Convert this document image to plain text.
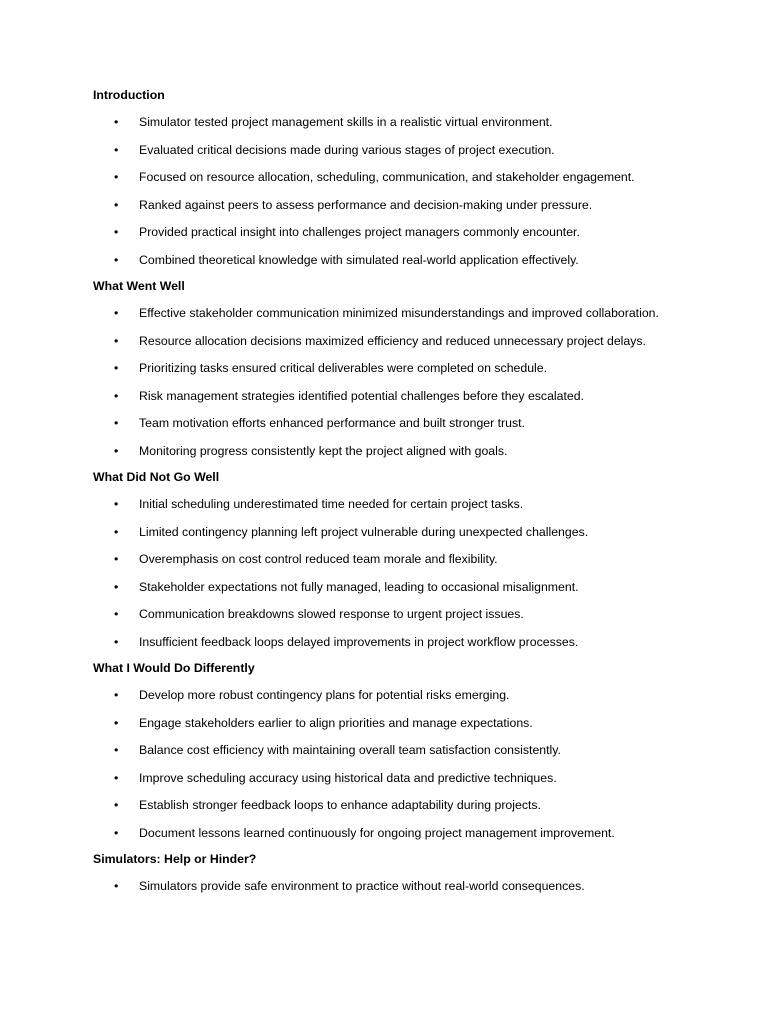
Introduction
• Simulator tested project management skills in a realistic virtual environment.
• Evaluated critical decisions made during various stages of project execution.
• Focused on resource allocation, scheduling, communication, and stakeholder engagement.
• Ranked against peers to assess performance and decision-making under pressure.
• Provided practical insight into challenges project managers commonly encounter.
• Combined theoretical knowledge with simulated real-world application effectively.
What Went Well
• Effective stakeholder communication minimized misunderstandings and improved collaboration.
• Resource allocation decisions maximized efficiency and reduced unnecessary project delays.
• Prioritizing tasks ensured critical deliverables were completed on schedule.
• Risk management strategies identified potential challenges before they escalated.
• Team motivation efforts enhanced performance and built stronger trust.
• Monitoring progress consistently kept the project aligned with goals.
What Did Not Go Well
• Initial scheduling underestimated time needed for certain project tasks.
• Limited contingency planning left project vulnerable during unexpected challenges.
• Overemphasis on cost control reduced team morale and flexibility.
• Stakeholder expectations not fully managed, leading to occasional misalignment.
• Communication breakdowns slowed response to urgent project issues.
• Insufficient feedback loops delayed improvements in project workflow processes.
What I Would Do Differently
• Develop more robust contingency plans for potential risks emerging.
• Engage stakeholders earlier to align priorities and manage expectations.
• Balance cost efficiency with maintaining overall team satisfaction consistently.
• Improve scheduling accuracy using historical data and predictive techniques.
• Establish stronger feedback loops to enhance adaptability during projects.
• Document lessons learned continuously for ongoing project management improvement.
Simulators: Help or Hinder?
• Simulators provide safe environment to practice without real-world consequences.
